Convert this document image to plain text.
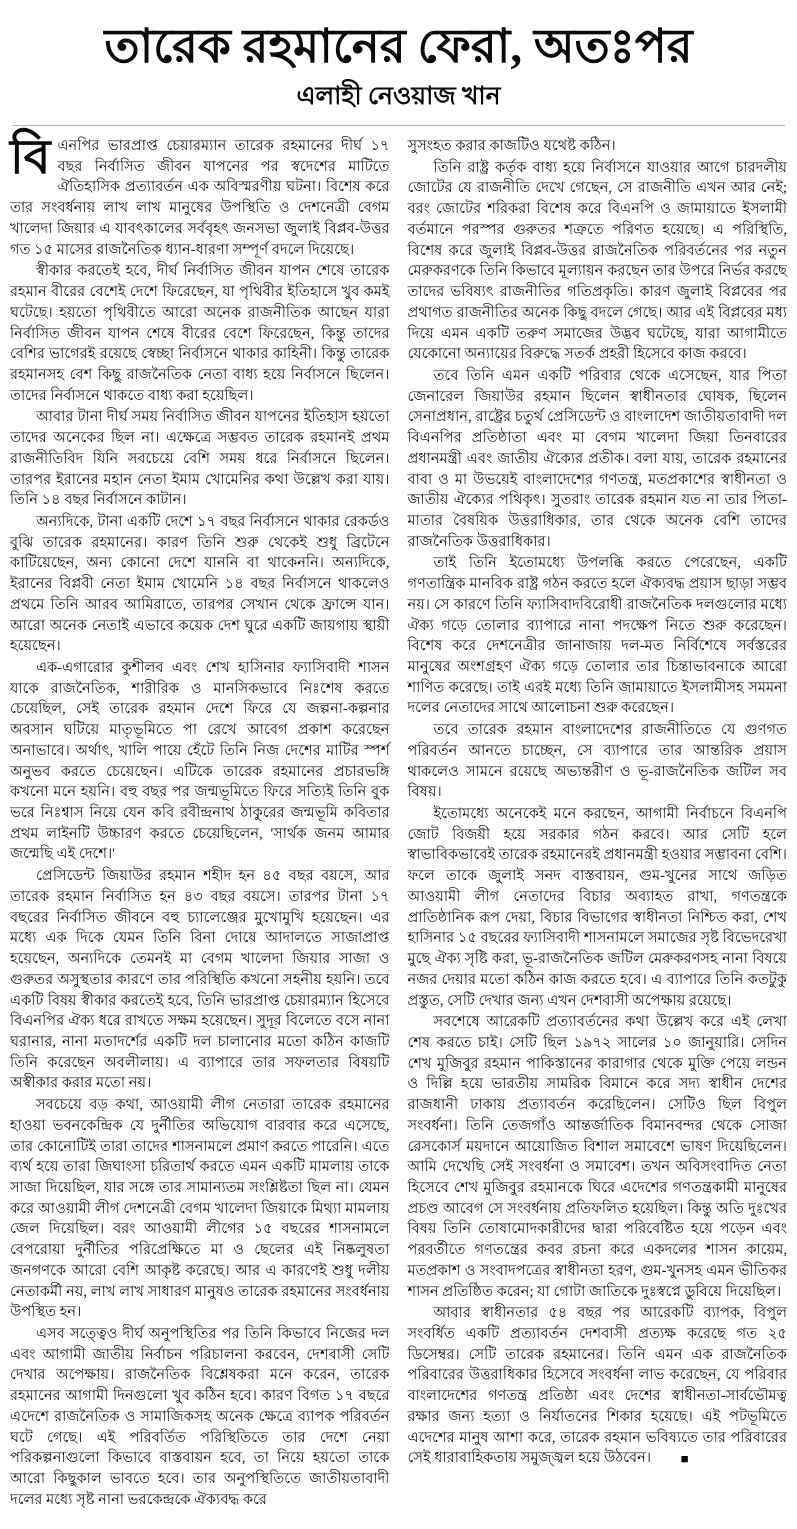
তারেক রহমানের ফেরা, অতঃপর
এলাহী নেওয়াজ খান

বিএনপির ভারপ্রাপ্ত চেয়ারম্যান তারেক রহমানের দীর্ঘ ১৭ বছর নির্বাসিত জীবন যাপনের পর স্বদেশের মাটিতে ঐতিহাসিক প্রত্যাবর্তন এক অবিস্মরণীয় ঘটনা। বিশেষ করে তার সংবর্ধনায় লাখ লাখ মানুষের উপস্থিতি ও দেশনেত্রী বেগম খালেদা জিয়ার এ যাবৎকালের সর্ববৃহৎ জনসভা জুলাই বিপ্লব-উত্তর গত ১৫ মাসের রাজনৈতিক ধ্যান-ধারণা সম্পূর্ণ বদলে দিয়েছে।

স্বীকার করতেই হবে, দীর্ঘ নির্বাসিত জীবন যাপন শেষে তারেক রহমান বীরের বেশেই দেশে ফিরেছেন, যা পৃথিবীর ইতিহাসে খুব কমই ঘটেছে। হয়তো পৃথিবীতে আরো অনেক রাজনীতিক আছেন যারা নির্বাসিত জীবন যাপন শেষে বীরের বেশে ফিরেছেন, কিন্তু তাদের বেশির ভাগেরই রয়েছে স্বেচ্ছা নির্বাসনে থাকার কাহিনী। কিন্তু তারেক রহমানসহ বেশ কিছু রাজনৈতিক নেতা বাধ্য হয়ে নির্বাসনে ছিলেন। তাদের নির্বাসনে থাকতে বাধ্য করা হয়েছিল।

আবার টানা দীর্ঘ সময় নির্বাসিত জীবন যাপনের ইতিহাস হয়তো তাদের অনেকের ছিল না। এক্ষেত্রে সম্ভবত তারেক রহমানই প্রথম রাজনীতিবিদ যিনি সবচেয়ে বেশি সময় ধরে নির্বাসনে ছিলেন। তারপর ইরানের মহান নেতা ইমাম খোমেনির কথা উল্লেখ করা যায়। তিনি ১৪ বছর নির্বাসনে কাটান।

অন্যদিকে, টানা একটি দেশে ১৭ বছর নির্বাসনে থাকার রেকর্ডও বুঝি তারেক রহমানের। কারণ তিনি শুরু থেকেই শুধু ব্রিটেনে কাটিয়েছেন, অন্য কোনো দেশে যাননি বা থাকেননি। অন্যদিকে, ইরানের বিপ্লবী নেতা ইমাম খোমেনি ১৪ বছর নির্বাসনে থাকলেও প্রথমে তিনি আরব আমিরাতে, তারপর সেখান থেকে ফ্রান্সে যান। আরো অনেক নেতাই এভাবে কয়েক দেশ ঘুরে একটি জায়গায় স্থায়ী হয়েছেন।

এক-এগারোর কুশীলব এবং শেখ হাসিনার ফ্যাসিবাদী শাসন যাকে রাজনৈতিক, শারীরিক ও মানসিকভাবে নিঃশেষ করতে চেয়েছিল, সেই তারেক রহমান দেশে ফিরে যে জল্পনা-কল্পনার অবসান ঘটিয়ে মাতৃভূমিতে পা রেখে আবেগ প্রকাশ করেছেন অনাভাবে। অর্থাৎ, খালি পায়ে হেঁটে তিনি নিজ দেশের মাটির স্পর্শ অনুভব করতে চেয়েছেন। এটিকে তারেক রহমানের প্রচারভঙ্গি কখনো মনে হয়নি। বহু বছর পর জন্মভূমিতে ফিরে সত্যিই তিনি বুক ভরে নিঃশ্বাস নিয়ে যেন কবি রবীন্দ্রনাথ ঠাকুরের জন্মভূমি কবিতার প্রথম লাইনটি উচ্চারণ করতে চেয়েছিলেন, 'সার্থক জনম আমার জন্মেছি এই দেশে।'

প্রেসিডেন্ট জিয়াউর রহমান শহীদ হন ৪৫ বছর বয়সে, আর তারেক রহমান নির্বাসিত হন ৪৩ বছর বয়সে। তারপর টানা ১৭ বছরের নির্বাসিত জীবনে বহু চ্যালেঞ্জের মুখোমুখি হয়েছেন। এর মধ্যে এক দিকে যেমন তিনি বিনা দোষে আদালতে সাজাপ্রাপ্ত হয়েছেন, অন্যদিকে তেমনই মা বেগম খালেদা জিয়ার সাজা ও গুরুতর অসুস্থতার কারণে তার পরিস্থিতি কখনো সহনীয় হয়নি। তবে একটি বিষয় স্বীকার করতেই হবে, তিনি ভারপ্রাপ্ত চেয়ারম্যান হিসেবে বিএনপির ঐক্য ধরে রাখতে সক্ষম হয়েছেন। সুদূর বিলেতে বসে নানা ঘরানার, নানা মতাদর্শের একটি দল চালানোর মতো কঠিন কাজটি তিনি করেছেন অবলীলায়। এ ব্যাপারে তার সফলতার বিষয়টি অস্বীকার করার মতো নয়।

সবচেয়ে বড় কথা, আওয়ামী লীগ নেতারা তারেক রহমানের হাওয়া ভবনকেন্দ্রিক যে দুর্নীতির অভিযোগ বারবার করে এসেছে, তার কোনোটিই তারা তাদের শাসনামলে প্রমাণ করতে পারেনি। এতে ব্যর্থ হয়ে তারা জিঘাংসা চরিতার্থ করতে এমন একটি মামলায় তাকে সাজা দিয়েছিল, যার সঙ্গে তার সামান্যতম সংশ্লিষ্টতা ছিল না। যেমন করে আওয়ামী লীগ দেশনেত্রী বেগম খালেদা জিয়াকে মিথ্যা মামলায় জেল দিয়েছিল। বরং আওয়ামী লীগের ১৫ বছরের শাসনামলে বেপরোয়া দুর্নীতির পরিপ্রেক্ষিতে মা ও ছেলের এই নিষ্কলুষতা জনগণকে আরো বেশি আকৃষ্ট করেছে। আর এ কারণেই শুধু দলীয় নেতাকর্মী নয়, লাখ লাখ সাধারণ মানুষও তারেক রহমানের সংবর্ধনায় উপস্থিত হন।

এসব সত্ত্বেও দীর্ঘ অনুপস্থিতির পর তিনি কিভাবে নিজের দল এবং আগামী জাতীয় নির্বাচন পরিচালনা করবেন, দেশবাসী সেটি দেখার অপেক্ষায়। রাজনৈতিক বিশ্লেষকরা মনে করেন, তারেক রহমানের আগামী দিনগুলো খুব কঠিন হবে। কারণ বিগত ১৭ বছরে এদেশে রাজনৈতিক ও সামাজিকসহ অনেক ক্ষেত্রে ব্যাপক পরিবর্তন ঘটে গেছে। এই পরিবর্তিত পরিস্থিতিতে তার দেশে নেয়া পরিকল্পনাগুলো কিভাবে বাস্তবায়ন হবে, তা নিয়ে হয়তো তাকে আরো কিছুকাল ভাবতে হবে। তার অনুপস্থিতিতে জাতীয়তাবাদী দলের মধ্যে সৃষ্ট নানা ভরকেন্দ্রকে ঐক্যবদ্ধ করে

সুসংহত করার কাজটিও যথেষ্ট কঠিন।

তিনি রাষ্ট্র কর্তৃক বাধ্য হয়ে নির্বাসনে যাওয়ার আগে চারদলীয় জোটের যে রাজনীতি দেখে গেছেন, সে রাজনীতি এখন আর নেই; বরং জোটের শরিকরা বিশেষ করে বিএনপি ও জামায়াতে ইসলামী বর্তমানে পরস্পর গুরুতর শত্রুতে পরিণত হয়েছে। এ পরিস্থিতি, বিশেষ করে জুলাই বিপ্লব-উত্তর রাজনৈতিক পরিবর্তনের পর নতুন মেরুকরণকে তিনি কিভাবে মূল্যায়ন করছেন তার উপরে নির্ভর করছে তাদের ভবিষ্যৎ রাজনীতির গতিপ্রকৃতি। কারণ জুলাই বিপ্লবের পর প্রথাগত রাজনীতির অনেক কিছু বদলে গেছে। আর এই বিপ্লবের মধ্য দিয়ে এমন একটি তরুণ সমাজের উদ্ভব ঘটেছে, যারা আগামীতে যেকোনো অন্যায়ের বিরুদ্ধে সতর্ক প্রহরী হিসেবে কাজ করবে।

তবে তিনি এমন একটি পরিবার থেকে এসেছেন, যার পিতা জেনারেল জিয়াউর রহমান ছিলেন স্বাধীনতার ঘোষক, ছিলেন সেনাপ্রধান, রাষ্ট্রের চতুর্থ প্রেসিডেন্ট ও বাংলাদেশ জাতীয়তাবাদী দল বিএনপির প্রতিষ্ঠাতা এবং মা বেগম খালেদা জিয়া তিনবারের প্রধানমন্ত্রী এবং জাতীয় ঐক্যের প্রতীক। বলা যায়, তারেক রহমানের বাবা ও মা উভয়েই বাংলাদেশের গণতন্ত্র, মতপ্রকাশের স্বাধীনতা ও জাতীয় ঐক্যের পথিকৃৎ। সুতরাং তারেক রহমান যত না তার পিতা-মাতার বৈষয়িক উত্তরাধিকার, তার থেকে অনেক বেশি তাদের রাজনৈতিক উত্তরাধিকার।

তাই তিনি ইতোমধ্যে উপলব্ধি করতে পেরেছেন, একটি গণতান্ত্রিক মানবিক রাষ্ট্র গঠন করতে হলে ঐক্যবদ্ধ প্রয়াস ছাড়া সম্ভব নয়। সে কারণে তিনি ফ্যাসিবাদবিরোধী রাজনৈতিক দলগুলোর মধ্যে ঐক্য গড়ে তোলার ব্যাপারে নানা পদক্ষেপ নিতে শুরু করেছেন। বিশেষ করে দেশনেত্রীর জানাজায় দল-মত নির্বিশেষে সর্বস্তরের মানুষের অংশগ্রহণ ঐক্য গড়ে তোলার তার চিন্তাভাবনাকে আরো শাণিত করেছে। তাই এরই মধ্যে তিনি জামায়াতে ইসলামীসহ সমমনা দলের নেতাদের সাথে আলোচনা শুরু করেছেন।

তবে তারেক রহমান বাংলাদেশের রাজনীতিতে যে গুণগত পরিবর্তন আনতে চাচ্ছেন, সে ব্যাপারে তার আন্তরিক প্রয়াস থাকলেও সামনে রয়েছে অভ্যন্তরীণ ও ভূ-রাজনৈতিক জটিল সব বিষয়।

ইতোমধ্যে অনেকেই মনে করছেন, আগামী নির্বাচনে বিএনপি জোট বিজয়ী হয়ে সরকার গঠন করবে। আর সেটি হলে স্বাভাবিকভাবেই তারেক রহমানেরই প্রধানমন্ত্রী হওয়ার সম্ভাবনা বেশি। ফলে তাকে জুলাই সনদ বাস্তবায়ন, গুম-খুনের সাথে জড়িত আওয়ামী লীগ নেতাদের বিচার অব্যাহত রাখা, গণতন্ত্রকে প্রাতিষ্ঠানিক রূপ দেয়া, বিচার বিভাগের স্বাধীনতা নিশ্চিত করা, শেখ হাসিনার ১৫ বছরের ফ্যাসিবাদী শাসনামলে সমাজের সৃষ্ট বিভেদরেখা মুছে ঐক্য সৃষ্টি করা, ভূ-রাজনৈতিক জটিল মেরুকরণসহ নানা বিষয়ে নজর দেয়ার মতো কঠিন কাজ করতে হবে। এ ব্যাপারে তিনি কতটুকু প্রস্তুত, সেটি দেখার জন্য এখন দেশবাসী অপেক্ষায় রয়েছে।

সবশেষে আরেকটি প্রত্যাবর্তনের কথা উল্লেখ করে এই লেখা শেষ করতে চাই। সেটি ছিল ১৯৭২ সালের ১০ জানুয়ারি। সেদিন শেখ মুজিবুর রহমান পাকিস্তানের কারাগার থেকে মুক্তি পেয়ে লন্ডন ও দিল্লি হয়ে ভারতীয় সামরিক বিমানে করে সদ্য স্বাধীন দেশের রাজধানী ঢাকায় প্রত্যাবর্তন করেছিলেন। সেটিও ছিল বিপুল সংবর্ধনা। তিনি তেজগাঁও আন্তর্জাতিক বিমানবন্দর থেকে সোজা রেসকোর্স ময়দানে আয়োজিত বিশাল সমাবেশে ভাষণ দিয়েছিলেন। আমি দেখেছি সেই সংবর্ধনা ও সমাবেশ। তখন অবিসংবাদিত নেতা হিসেবে শেখ মুজিবুর রহমানকে ঘিরে এদেশের গণতন্ত্রকামী মানুষের প্রচণ্ড আবেগ সে সংবর্ধনায় প্রতিফলিত হয়েছিল। কিন্তু অতি দুঃখের বিষয় তিনি তোষামোদকারীদের দ্বারা পরিবেষ্টিত হয়ে পড়েন এবং পরবর্তীতে গণতন্ত্রের কবর রচনা করে একদলের শাসন কায়েম, মতপ্রকাশ ও সংবাদপত্রের স্বাধীনতা হরণ, গুম-খুনসহ এমন ভীতিকর শাসন প্রতিষ্ঠিত করেন; যা গোটা জাতিকে দুঃস্বপ্নে ডুবিয়ে দিয়েছিল।

আবার স্বাধীনতার ৫৪ বছর পর আরেকটি ব্যাপক, বিপুল সংবর্ধিত একটি প্রত্যাবর্তন দেশবাসী প্রত্যক্ষ করেছে গত ২৫ ডিসেম্বর। সেটি তারেক রহমানের। তিনি এমন এক রাজনৈতিক পরিবারের উত্তরাধিকার হিসেবে সংবর্ধনা লাভ করেছেন, যে পরিবার বাংলাদেশের গণতন্ত্র প্রতিষ্ঠা এবং দেশের স্বাধীনতা-সার্বভৌমত্ব রক্ষার জন্য হত্যা ও নির্যাতনের শিকার হয়েছে। এই পটভূমিতে এদেশের মানুষ আশা করে, তারেক রহমান ভবিষ্যতে তার পরিবারের সেই ধারাবাহিকতায় সমুজ্জ্বল হয়ে উঠবেন। ■
